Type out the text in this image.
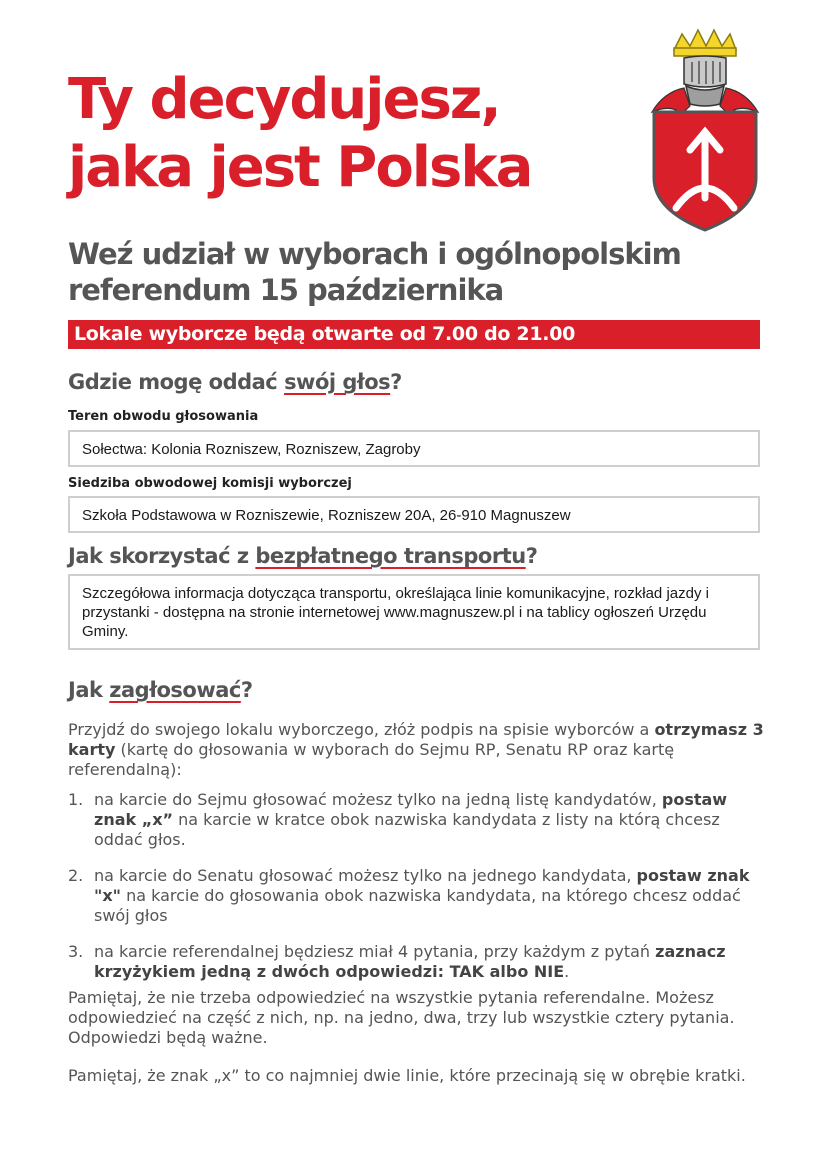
Ty decydujesz,
jaka jest Polska
Weź udział w wyborach i ogólnopolskim
referendum 15 października
Lokale wyborcze będą otwarte od 7.00 do 21.00
Gdzie mogę oddać swój głos?
Teren obwodu głosowania
Sołectwa: Kolonia Rozniszew, Rozniszew, Zagroby
Siedziba obwodowej komisji wyborczej
Szkoła Podstawowa w Rozniszewie, Rozniszew 20A, 26-910 Magnuszew
Jak skorzystać z bezpłatnego transportu?
Szczegółowa informacja dotycząca transportu, określająca linie komunikacyjne, rozkład jazdy i przystanki - dostępna na stronie internetowej www.magnuszew.pl i na tablicy ogłoszeń Urzędu Gminy.
Jak zagłosować?
Przyjdź do swojego lokalu wyborczego, złóż podpis na spisie wyborców a otrzymasz 3 karty (kartę do głosowania w wyborach do Sejmu RP, Senatu RP oraz kartę referendalną):
1. na karcie do Sejmu głosować możesz tylko na jedną listę kandydatów, postaw znak „x” na karcie w kratce obok nazwiska kandydata z listy na którą chcesz oddać głos.
2. na karcie do Senatu głosować możesz tylko na jednego kandydata, postaw znak "x" na karcie do głosowania obok nazwiska kandydata, na którego chcesz oddać swój głos
3. na karcie referendalnej będziesz miał 4 pytania, przy każdym z pytań zaznacz krzyżykiem jedną z dwóch odpowiedzi: TAK albo NIE.
Pamiętaj, że nie trzeba odpowiedzieć na wszystkie pytania referendalne. Możesz odpowiedzieć na część z nich, np. na jedno, dwa, trzy lub wszystkie cztery pytania. Odpowiedzi będą ważne.
Pamiętaj, że znak „x” to co najmniej dwie linie, które przecinają się w obrębie kratki.
